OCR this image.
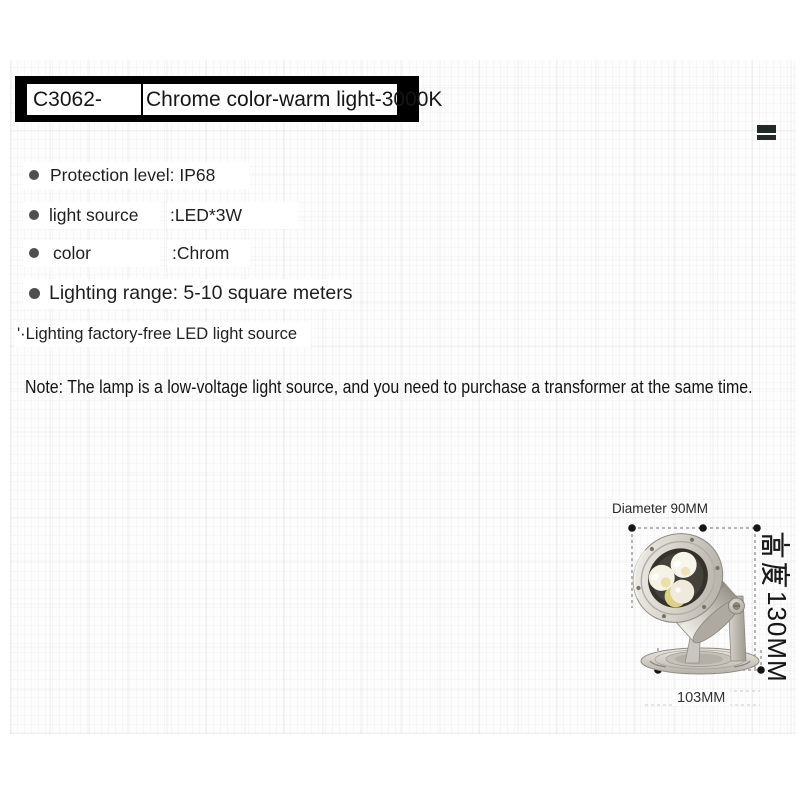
C3062- Chrome color-warm light-3000K
Protection level: IP68
light source :LED*3W
color	:Chrom
Lighting range: 5-10 square meters
'·Lighting factory-free LED light source
Note: The lamp is a low-voltage light source, and you need to purchase a transformer at the same time.
Diameter 90MM
103MM
130MM
